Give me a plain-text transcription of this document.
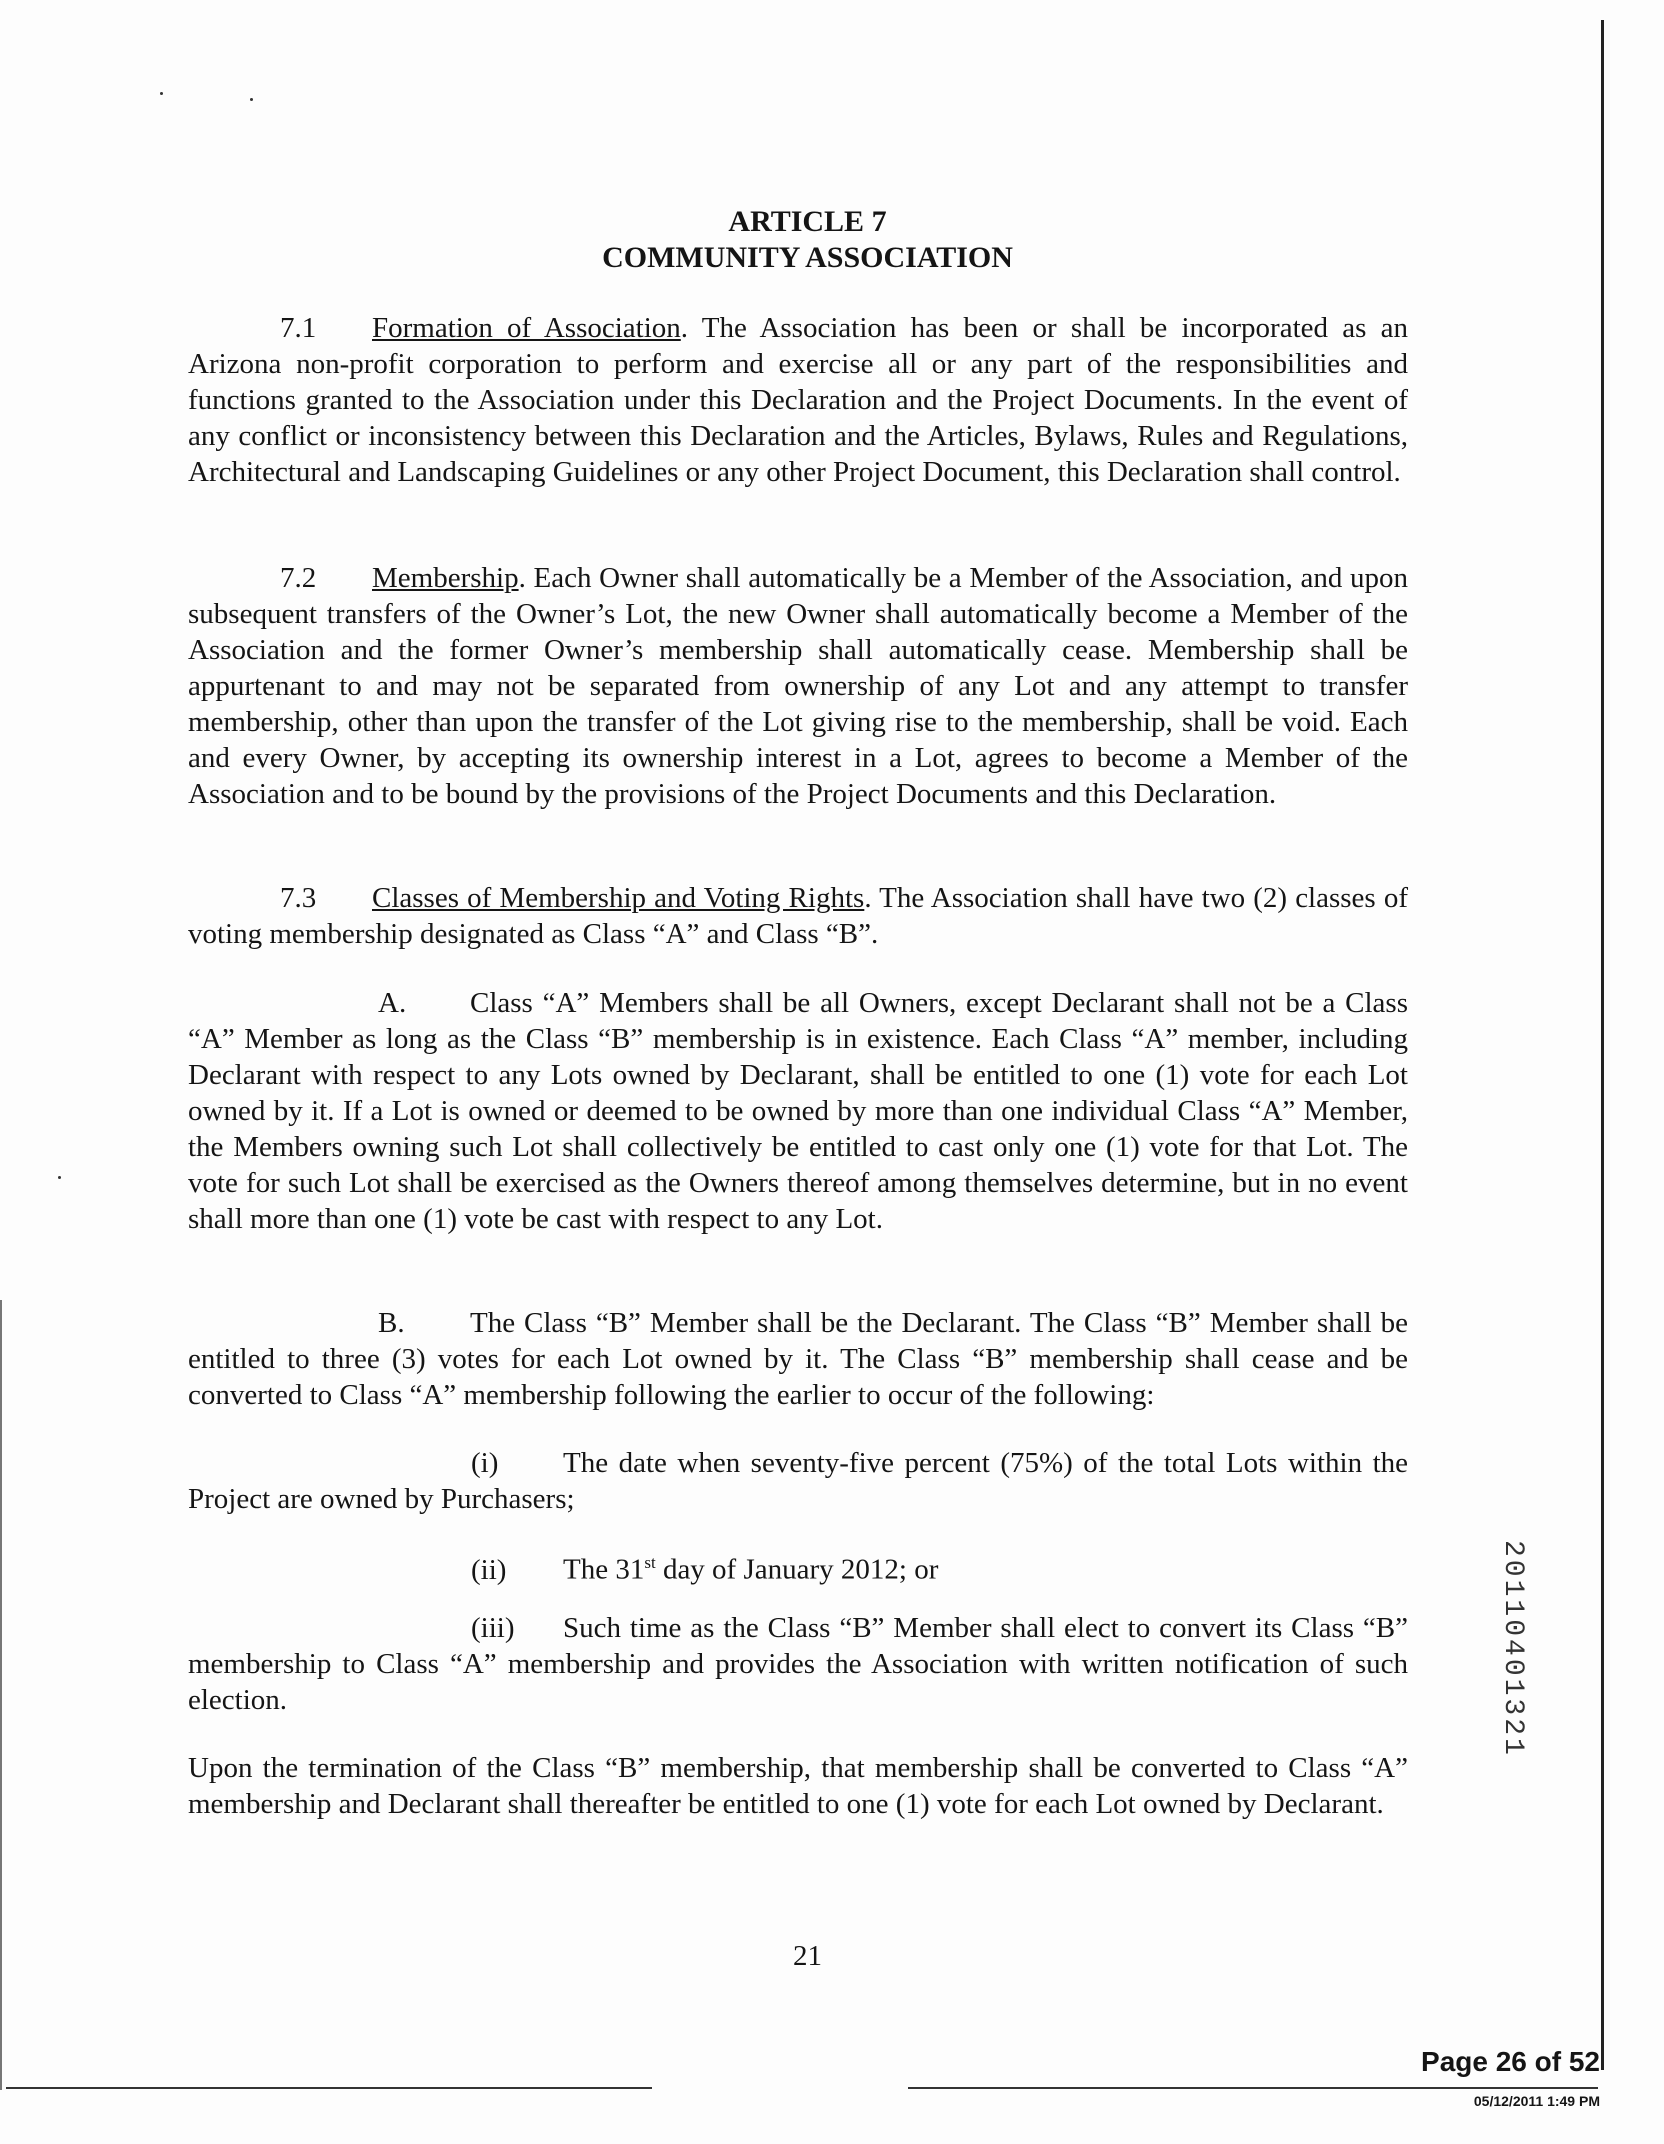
ARTICLE 7
COMMUNITY ASSOCIATION
7.1 Formation of Association. The Association has been or shall be incorporated as an Arizona non-profit corporation to perform and exercise all or any part of the responsibilities and functions granted to the Association under this Declaration and the Project Documents. In the event of any conflict or inconsistency between this Declaration and the Articles, Bylaws, Rules and Regulations, Architectural and Landscaping Guidelines or any other Project Document, this Declaration shall control.
7.2 Membership. Each Owner shall automatically be a Member of the Association, and upon subsequent transfers of the Owner’s Lot, the new Owner shall automatically become a Member of the Association and the former Owner’s membership shall automatically cease. Membership shall be appurtenant to and may not be separated from ownership of any Lot and any attempt to transfer membership, other than upon the transfer of the Lot giving rise to the membership, shall be void. Each and every Owner, by accepting its ownership interest in a Lot, agrees to become a Member of the Association and to be bound by the provisions of the Project Documents and this Declaration.
7.3 Classes of Membership and Voting Rights. The Association shall have two (2) classes of voting membership designated as Class “A” and Class “B”.
A. Class “A” Members shall be all Owners, except Declarant shall not be a Class “A” Member as long as the Class “B” membership is in existence. Each Class “A” member, including Declarant with respect to any Lots owned by Declarant, shall be entitled to one (1) vote for each Lot owned by it. If a Lot is owned or deemed to be owned by more than one individual Class “A” Member, the Members owning such Lot shall collectively be entitled to cast only one (1) vote for that Lot. The vote for such Lot shall be exercised as the Owners thereof among themselves determine, but in no event shall more than one (1) vote be cast with respect to any Lot.
B. The Class “B” Member shall be the Declarant. The Class “B” Member shall be entitled to three (3) votes for each Lot owned by it. The Class “B” membership shall cease and be converted to Class “A” membership following the earlier to occur of the following:
(i) The date when seventy-five percent (75%) of the total Lots within the Project are owned by Purchasers;
(ii) The 31st day of January 2012; or
(iii) Such time as the Class “B” Member shall elect to convert its Class “B” membership to Class “A” membership and provides the Association with written notification of such election.
Upon the termination of the Class “B” membership, that membership shall be converted to Class “A” membership and Declarant shall thereafter be entitled to one (1) vote for each Lot owned by Declarant.
21
20110401321
Page 26 of 52
05/12/2011 1:49 PM
